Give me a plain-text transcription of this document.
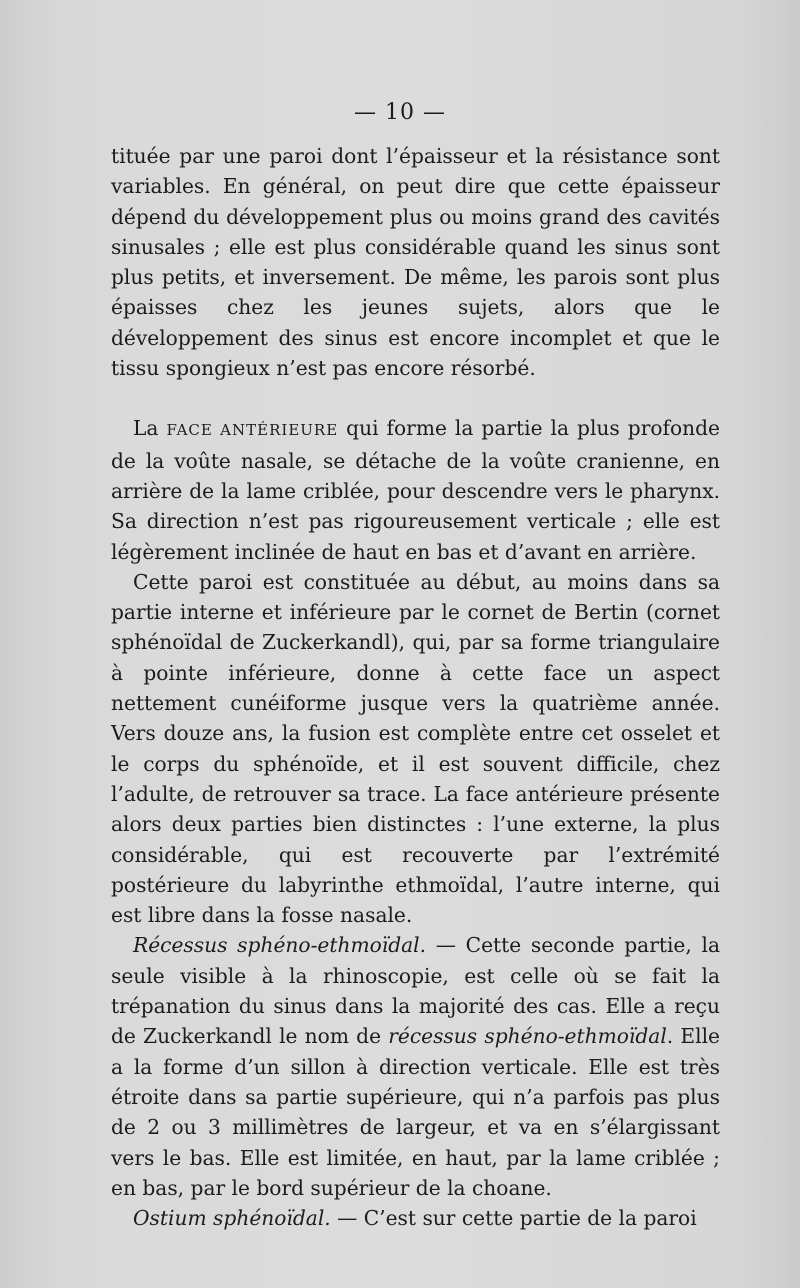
— 10 —

tituée par une paroi dont l’épaisseur et la résistance sont variables. En général, on peut dire que cette épaisseur dépend du développement plus ou moins grand des cavités sinusales ; elle est plus considérable quand les sinus sont plus petits, et inversement. De même, les parois sont plus épaisses chez les jeunes sujets, alors que le développement des sinus est encore incomplet et que le tissu spongieux n’est pas encore résorbé.

La FACE ANTÉRIEURE qui forme la partie la plus profonde de la voûte nasale, se détache de la voûte cranienne, en arrière de la lame criblée, pour descendre vers le pharynx. Sa direction n’est pas rigoureusement verticale ; elle est légèrement inclinée de haut en bas et d’avant en arrière.

Cette paroi est constituée au début, au moins dans sa partie interne et inférieure par le cornet de Bertin (cornet sphénoïdal de Zuckerkandl), qui, par sa forme triangulaire à pointe inférieure, donne à cette face un aspect nettement cunéiforme jusque vers la quatrième année. Vers douze ans, la fusion est complète entre cet osselet et le corps du sphénoïde, et il est souvent difficile, chez l’adulte, de retrouver sa trace. La face antérieure présente alors deux parties bien distinctes : l’une externe, la plus considérable, qui est recouverte par l’extrémité postérieure du labyrinthe ethmoïdal, l’autre interne, qui est libre dans la fosse nasale.

Récessus sphéno-ethmoïdal. — Cette seconde partie, la seule visible à la rhinoscopie, est celle où se fait la trépanation du sinus dans la majorité des cas. Elle a reçu de Zuckerkandl le nom de récessus sphéno-ethmoïdal. Elle a la forme d’un sillon à direction verticale. Elle est très étroite dans sa partie supérieure, qui n’a parfois pas plus de 2 ou 3 millimètres de largeur, et va en s’élargissant vers le bas. Elle est limitée, en haut, par la lame criblée ; en bas, par le bord supérieur de la choane.

Ostium sphénoïdal. — C’est sur cette partie de la paroi
